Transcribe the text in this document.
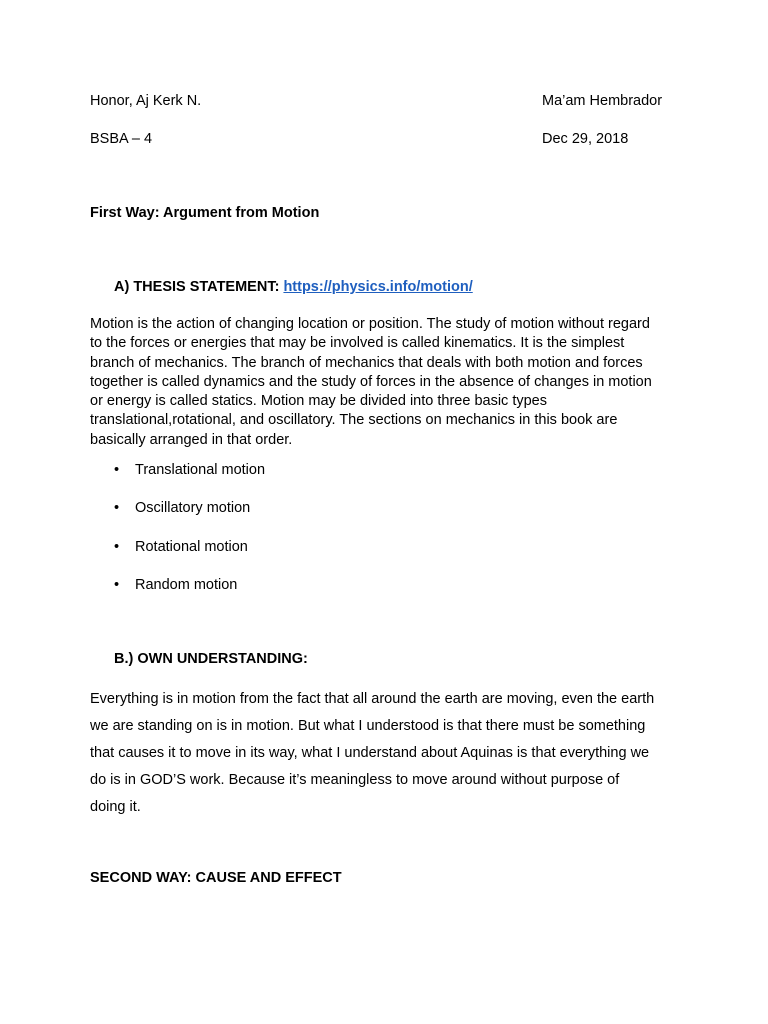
Honor, Aj Kerk N.	Ma’am Hembrador
BSBA – 4	Dec 29, 2018
First Way: Argument from Motion
A) THESIS STATEMENT: https://physics.info/motion/
Motion is the action of changing location or position. The study of motion without regard
to the forces or energies that may be involved is called kinematics. It is the simplest
branch of mechanics. The branch of mechanics that deals with both motion and forces
together is called dynamics and the study of forces in the absence of changes in motion
or energy is called statics. Motion may be divided into three basic types
translational,rotational, and oscillatory. The sections on mechanics in this book are
basically arranged in that order.
• Translational motion
• Oscillatory motion
• Rotational motion
• Random motion
B.) OWN UNDERSTANDING:
Everything is in motion from the fact that all around the earth are moving, even the earth
we are standing on is in motion. But what I understood is that there must be something
that causes it to move in its way, what I understand about Aquinas is that everything we
do is in GOD’S work. Because it’s meaningless to move around without purpose of
doing it.
SECOND WAY: CAUSE AND EFFECT
